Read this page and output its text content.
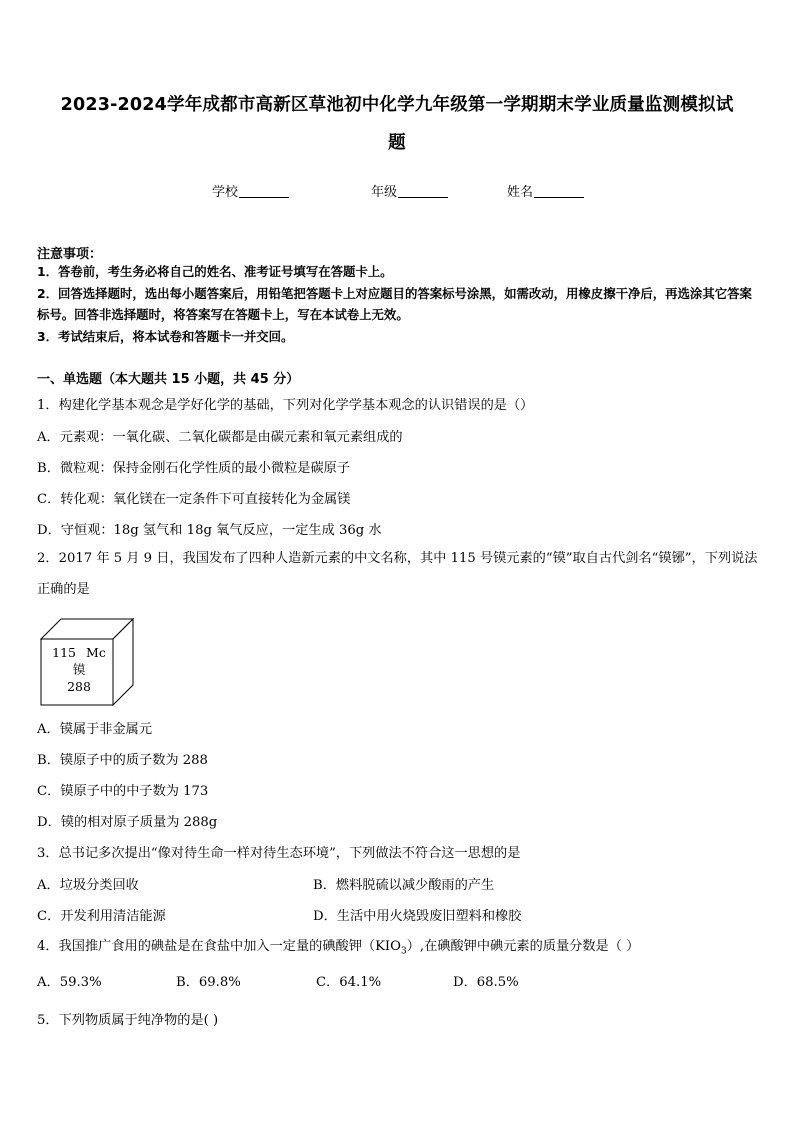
2023-2024学年成都市高新区草池初中化学九年级第一学期期末学业质量监测模拟试
题
学校	年级	姓名
注意事项：
1．答卷前，考生务必将自己的姓名、准考证号填写在答题卡上。
2．回答选择题时，选出每小题答案后，用铅笔把答题卡上对应题目的答案标号涂黑，如需改动，用橡皮擦干净后，再选涂其它答案标号。回答非选择题时，将答案写在答题卡上，写在本试卷上无效。
3．考试结束后，将本试卷和答题卡一并交回。
一、单选题（本大题共 15 小题，共 45 分）
1．构建化学基本观念是学好化学的基础，下列对化学学基本观念的认识错误的是（）
A．元素观：一氧化碳、二氧化碳都是由碳元素和氧元素组成的
B．微粒观：保持金刚石化学性质的最小微粒是碳原子
C．转化观：氧化镁在一定条件下可直接转化为金属镁
D．守恒观：18g 氢气和 18g 氧气反应，一定生成 36g 水
2．2017 年 5 月 9 日，我国发布了四种人造新元素的中文名称，其中 115 号镆元素的“镆”取自古代剑名“镆铘”，下列说法正确的是
115 Mc
镆
288
A．镆属于非金属元
B．镆原子中的质子数为 288
C．镆原子中的中子数为 173
D．镆的相对原子质量为 288g
3．总书记多次提出“像对待生命一样对待生态环境”，下列做法不符合这一思想的是
A．垃圾分类回收	B．燃料脱硫以减少酸雨的产生
C．开发利用清洁能源	D．生活中用火烧毁废旧塑料和橡胶
4．我国推广食用的碘盐是在食盐中加入一定量的碘酸钾$(KIO_3)$,在碘酸钾中碘元素的质量分数是（ ）
A．59.3%	B．69.8%	C．64.1%	D．68.5%
5．下列物质属于纯净物的是( )
